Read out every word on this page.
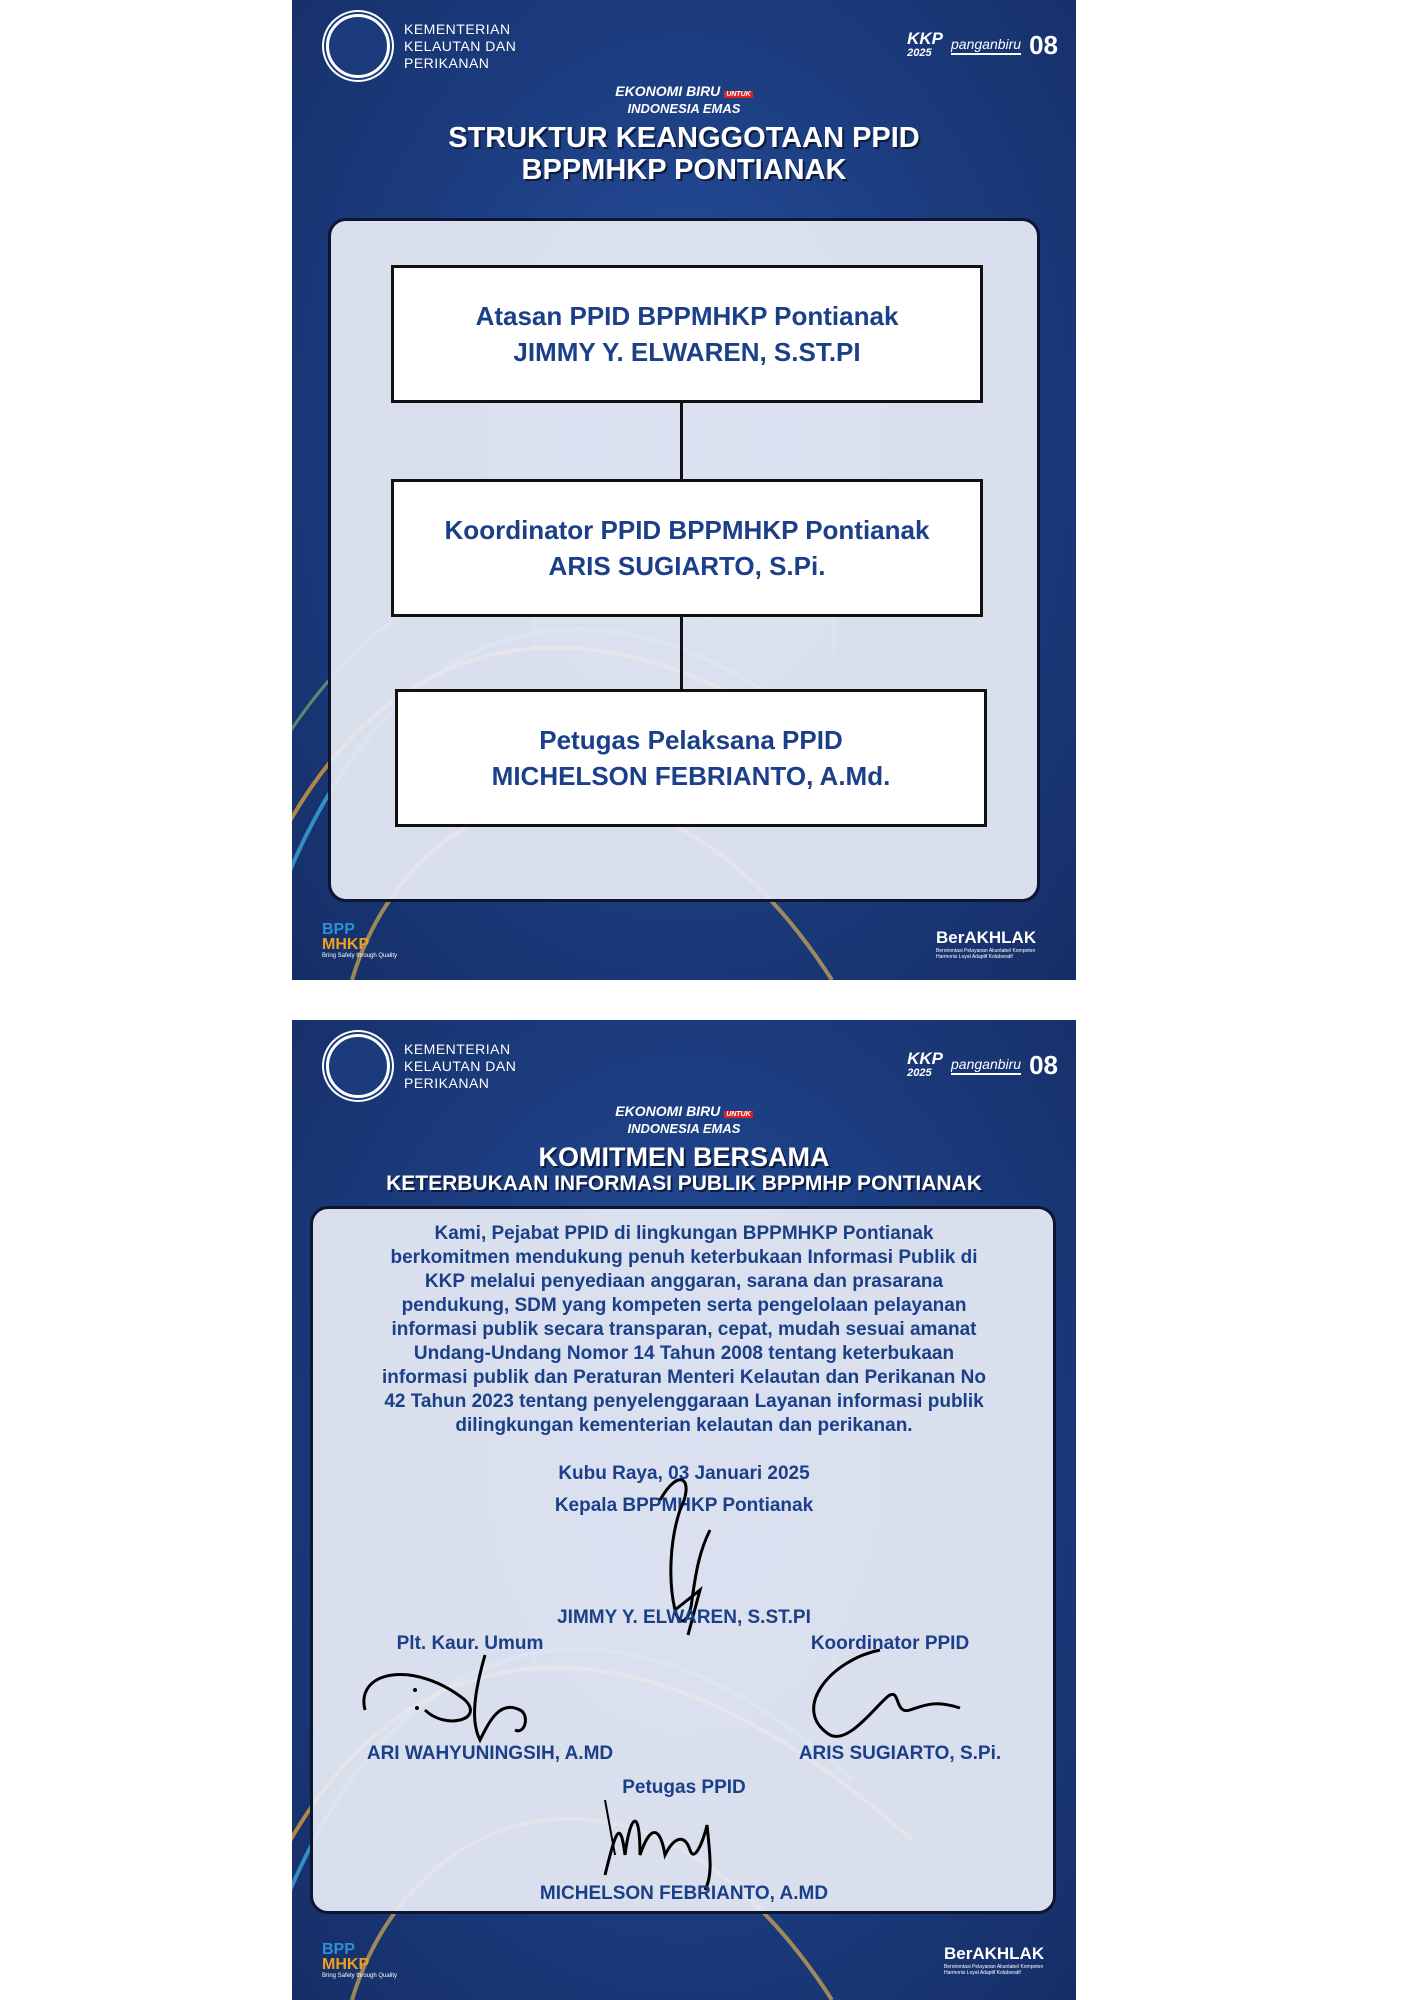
KEMENTERIAN
KELAUTAN DAN
PERIKANAN
KKP
2025
panganbiru 08
EKONOMI BIRU UNTUK
INDONESIA EMAS
STRUKTUR KEANGGOTAAN PPID
BPPMHKP PONTIANAK
Atasan PPID BPPMHKP Pontianak
JIMMY Y. ELWAREN, S.ST.PI
Koordinator PPID BPPMHKP Pontianak
ARIS SUGIARTO, S.Pi.
Petugas Pelaksana PPID
MICHELSON FEBRIANTO, A.Md.
BPP
MHKP
Bring Safety through Quality
BerAKHLAK
Berorientasi Pelayanan Akuntabel Kompeten Harmonis Loyal Adaptif Kolaboratif
KEMENTERIAN
KELAUTAN DAN
PERIKANAN
KKP
2025
panganbiru 08
EKONOMI BIRU UNTUK
INDONESIA EMAS
KOMITMEN BERSAMA
KETERBUKAAN INFORMASI PUBLIK BPPMHP PONTIANAK
Kami, Pejabat PPID di lingkungan BPPMHKP Pontianak
berkomitmen mendukung penuh keterbukaan Informasi Publik di
KKP melalui penyediaan anggaran, sarana dan prasarana
pendukung, SDM yang kompeten serta pengelolaan pelayanan
informasi publik secara transparan, cepat, mudah sesuai amanat
Undang-Undang Nomor 14 Tahun 2008 tentang keterbukaan
informasi publik dan Peraturan Menteri Kelautan dan Perikanan No
42 Tahun 2023 tentang penyelenggaraan Layanan informasi publik
dilingkungan kementerian kelautan dan perikanan.
Kubu Raya, 03 Januari 2025
Kepala BPPMHKP Pontianak
JIMMY Y. ELWAREN, S.ST.PI
Plt. Kaur. Umum	Koordinator PPID
ARI WAHYUNINGSIH, A.MD	ARIS SUGIARTO, S.Pi.
Petugas PPID
MICHELSON FEBRIANTO, A.MD
BPP
MHKP
Bring Safety through Quality
BerAKHLAK
Berorientasi Pelayanan Akuntabel Kompeten Harmonis Loyal Adaptif Kolaboratif
